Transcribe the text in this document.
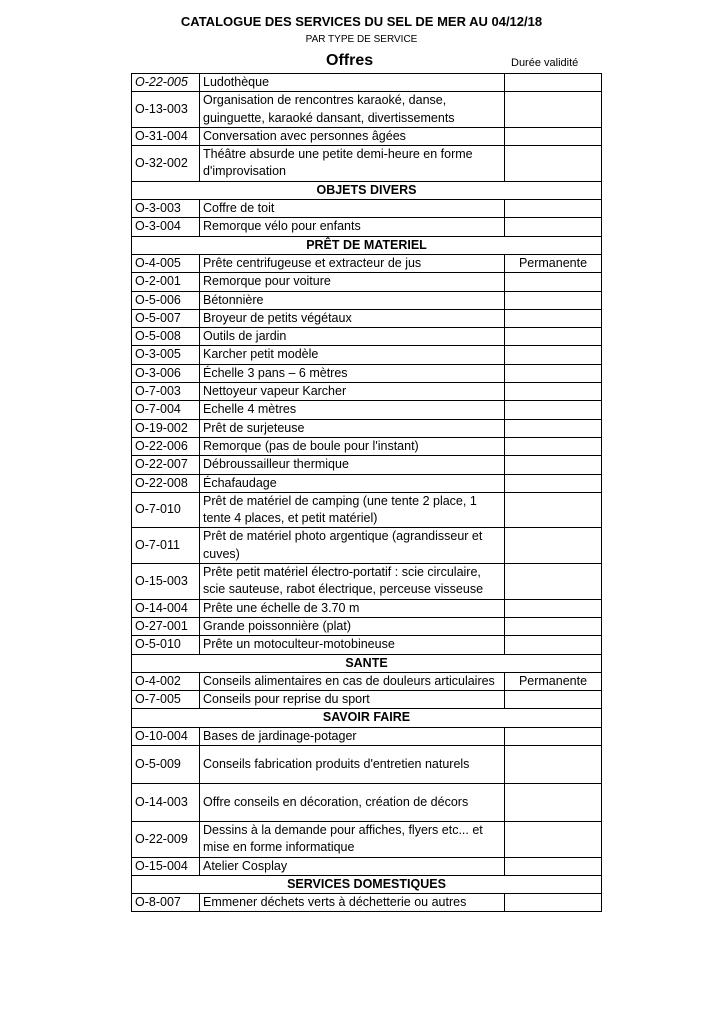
CATALOGUE DES SERVICES DU SEL DE MER AU 04/12/18
PAR TYPE DE SERVICE
Offres	Durée validité
O-22-005	Ludothèque	
O-13-003	Organisation de rencontres karaoké, danse, guinguette, karaoké dansant, divertissements	
O-31-004	Conversation avec personnes âgées	
O-32-002	Théâtre absurde une petite demi-heure en forme d'improvisation	
OBJETS DIVERS		
O-3-003	Coffre de toit	
O-3-004	Remorque vélo pour enfants	
PRÊT DE MATERIEL		
O-4-005	Prête centrifugeuse et extracteur de jus	Permanente
O-2-001	Remorque pour voiture	
O-5-006	Bétonnière	
O-5-007	Broyeur de petits végétaux	
O-5-008	Outils de jardin	
O-3-005	Karcher petit modèle	
O-3-006	Échelle 3 pans – 6 mètres	
O-7-003	Nettoyeur vapeur Karcher	
O-7-004	Echelle 4 mètres	
O-19-002	Prêt de surjeteuse	
O-22-006	Remorque (pas de boule pour l'instant)	
O-22-007	Débroussailleur thermique	
O-22-008	Échafaudage	
O-7-010	Prêt de matériel de camping (une tente 2 place, 1 tente 4 places, et petit matériel)	
O-7-011	Prêt de matériel photo argentique (agrandisseur et cuves)	
O-15-003	Prête petit matériel électro-portatif : scie circulaire, scie sauteuse, rabot électrique, perceuse visseuse	
O-14-004	Prête une échelle de 3.70 m	
O-27-001	Grande poissonnière (plat)	
O-5-010	Prête un motoculteur-motobineuse	
SANTE		
O-4-002	Conseils alimentaires en cas de douleurs articulaires	Permanente
O-7-005	Conseils pour reprise du sport	
SAVOIR FAIRE		
O-10-004	Bases de jardinage-potager	
O-5-009	Conseils fabrication produits d'entretien naturels	
O-14-003	Offre conseils en décoration, création de décors	
O-22-009	Dessins à la demande pour affiches, flyers etc... et mise en forme informatique	
O-15-004	Atelier Cosplay	
SERVICES DOMESTIQUES		
O-8-007	Emmener déchets verts à déchetterie ou autres	
